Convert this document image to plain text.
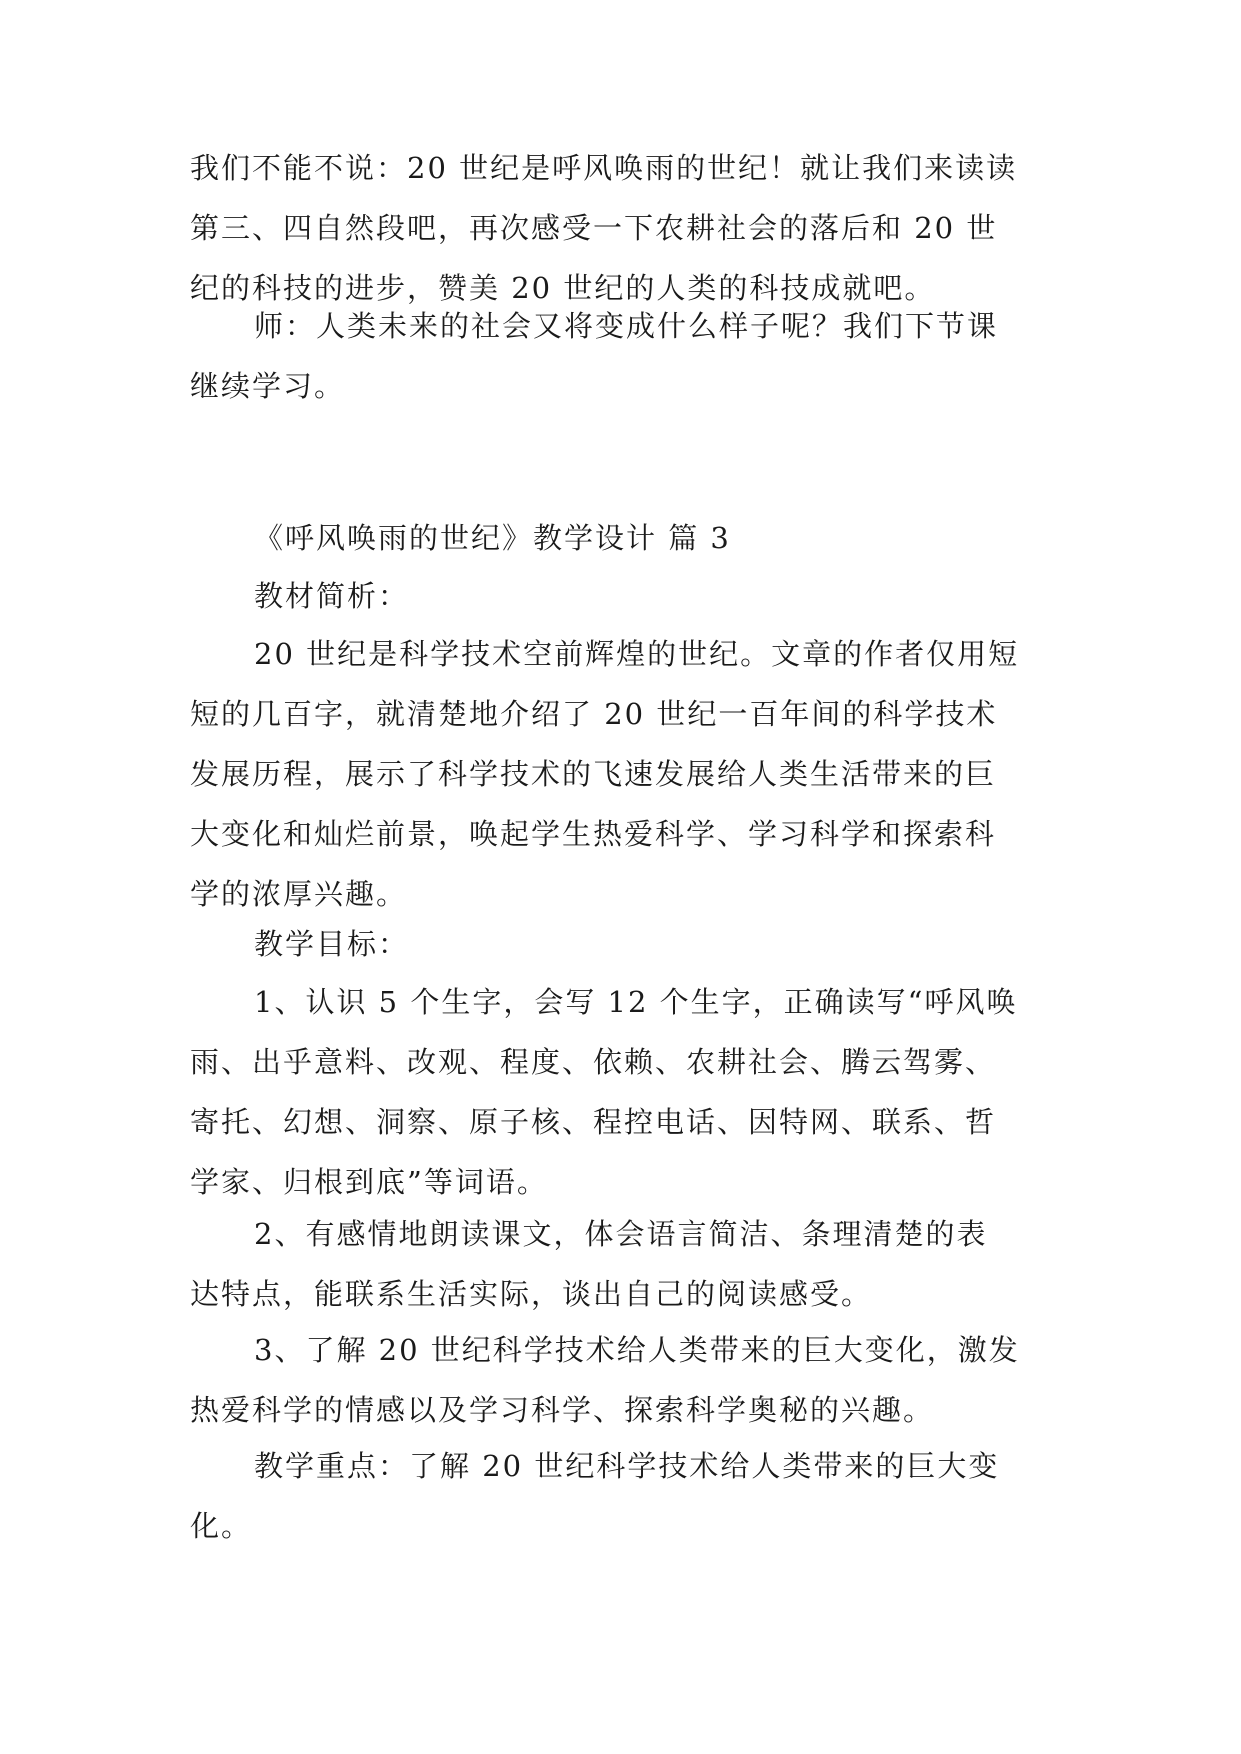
我们不能不说：20 世纪是呼风唤雨的世纪！就让我们来读读
第三、四自然段吧，再次感受一下农耕社会的落后和 20 世
纪的科技的进步，赞美 20 世纪的人类的科技成就吧。

师：人类未来的社会又将变成什么样子呢？我们下节课
继续学习。

《呼风唤雨的世纪》教学设计 篇 3

教材简析：

20 世纪是科学技术空前辉煌的世纪。文章的作者仅用短
短的几百字，就清楚地介绍了 20 世纪一百年间的科学技术
发展历程，展示了科学技术的飞速发展给人类生活带来的巨
大变化和灿烂前景，唤起学生热爱科学、学习科学和探索科
学的浓厚兴趣。

教学目标：

1、认识 5 个生字，会写 12 个生字，正确读写“呼风唤
雨、出乎意料、改观、程度、依赖、农耕社会、腾云驾雾、
寄托、幻想、洞察、原子核、程控电话、因特网、联系、哲
学家、归根到底”等词语。

2、有感情地朗读课文，体会语言简洁、条理清楚的表
达特点，能联系生活实际，谈出自己的阅读感受。

3、了解 20 世纪科学技术给人类带来的巨大变化，激发
热爱科学的情感以及学习科学、探索科学奥秘的兴趣。

教学重点：了解 20 世纪科学技术给人类带来的巨大变
化。
